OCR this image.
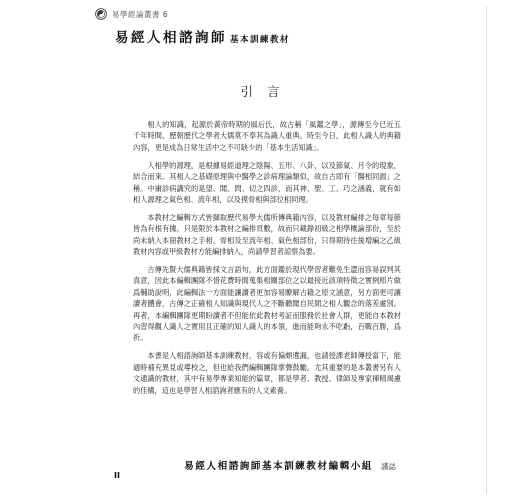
易學經論叢書 6
易經人相諮詢師 基本訓練教材
引言

相人的知識，起源於黃帝時期的風后氏，故古稱「風鑑之學」，源傳至今已近五千年時間，歷朝歷代之學者大儒莫不奉其為識人重典。時至今日，此相人識人的典籍內容，更是成為日常生活中之不可缺少的「基本生活知識」。

人相學的源理，是根據易經道理之陰陽、五形、八卦，以及節氣、月令的現象，結合而來。其相人之基礎原理與中醫學之診病理論類似，故自古即有「醫相同源」之稱。中庸診病講究的是望、聞、問、切之四診，而其神、聖、工、巧之涵義，就有如相人源理之氣色相、流年相，以及摸骨相與部位相同理。

本教材之編輯方式皆擷取歷代易學大儒所傳典籍內容，以及教材編排之每章每節皆為有根有據。只是限於本教材之編排頁數，故而只載錄初級之相學概論部份，至於尚未納入本冊教材之手相、骨相及至流年相、氣色相部份，只得期待往後增編之乙級教材內容或甲級教材方能編排納入，尚請學習者諒察為要。

古傳先賢大儒典籍皆採文言語句，此方面鑑於現代學習者難免生澀而容易誤判其真意，因此本編輯團隊不惜花費時間蒐集相關部位之以最接近該項特徵之實例照片做爲輔助說明，此編輯法一方面能讓讀者更加容易瞭解古籍之原文涵意，另方面更可讓讀者體會，古傳之正確相人知識與現代人之不斷聽聞自民間之相人觀念的落差處別。再者，本編輯團隊更期盼讀者不但能依此教材考証而服務於社會人群，更能自本教材內習得觀人識人之實用且正確的知人識人的本領，進而能夠永不吃虧，百戰百勝，爲祈。

本書是人相諮詢師基本訓練教材，容或有偏頗遺漏，也請授課老師傳授當下，能適時補充異見或導校之，但也給我們編輯團隊掌聲鼓勵。尤其重要的是本叢書另有人文通識的教材，其中有易學專業知能的篇章，都是學者、教授、律師及專家揮精竭慮的佳構，這也是學習人相諮詢者應有的人文素養。

易經人相諮詢師基本訓練教材編輯小組 謹誌
II
